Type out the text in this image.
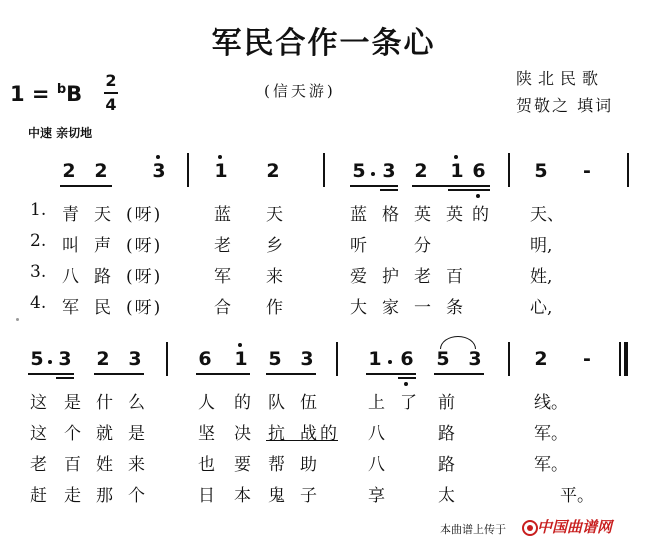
军民合作一条心
1 = $^b$B
2
4
(信天游)
陕北民歌
贺敬之 填词
中速 亲切地
2 2 3	1 2	5 3 2 1 6	5 -
1. 青 天 (呀)	蓝 天	蓝 格 英 英 的 天、
2. 叫 声 (呀)	老 乡	听	分	明,
3. 八 路 (呀)	军 来	爱 护 老 百	姓,
4. 军 民 (呀)	合 作	大 家 一 条	心,
5 3 2 3	6 1 5 3	1 6 5 3	2 -
这 是 什 么	人 的 队 伍	上 了 前	线。
这 个 就 是	坚 决 抗 战 的 八	路	军。
老 百 姓 来	也 要 帮 助	八	路	军。
赶 走 那 个	日 本 鬼 子	享	太	平。
本曲谱上传于 中国曲谱网
